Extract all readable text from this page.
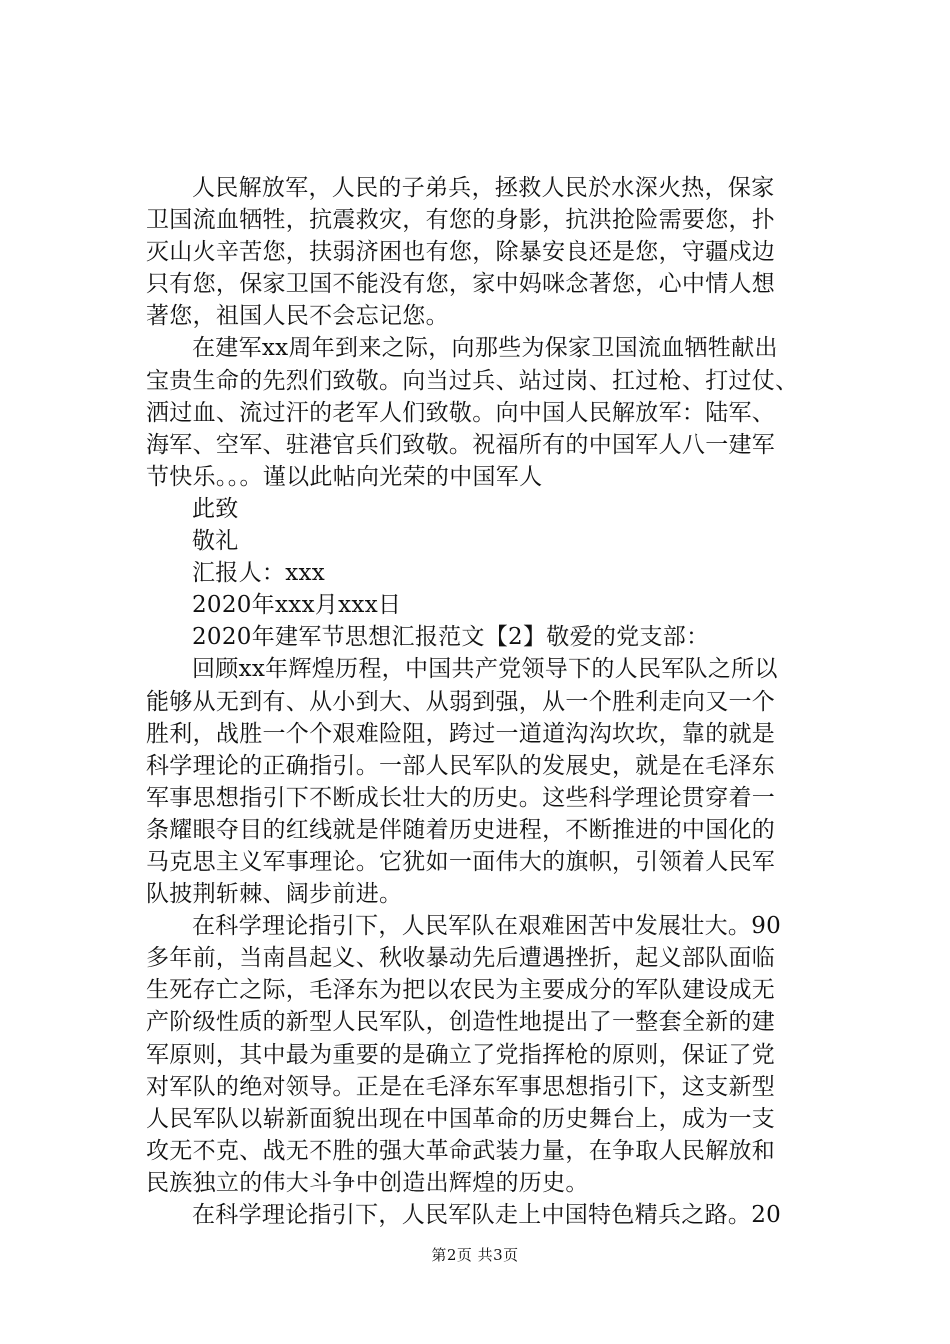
人民解放军，人民的子弟兵，拯救人民於水深火热，保家

卫国流血牺牲，抗震救灾，有您的身影，抗洪抢险需要您，扑

灭山火辛苦您，扶弱济困也有您，除暴安良还是您，守疆戍边

只有您，保家卫国不能没有您，家中妈咪念著您，心中情人想

著您，祖国人民不会忘记您。

在建军xx周年到来之际，向那些为保家卫国流血牺牲献出

宝贵生命的先烈们致敬。向当过兵、站过岗、扛过枪、打过仗、

洒过血、流过汗的老军人们致敬。向中国人民解放军：陆军、

海军、空军、驻港官兵们致敬。祝福所有的中国军人八一建军

节快乐。。。谨以此帖向光荣的中国军人

此致

敬礼

汇报人：xxx

2020年xxx月xxx日

2020年建军节思想汇报范文【2】敬爱的党支部：

回顾xx年辉煌历程，中国共产党领导下的人民军队之所以

能够从无到有、从小到大、从弱到强，从一个胜利走向又一个

胜利，战胜一个个艰难险阻，跨过一道道沟沟坎坎，靠的就是

科学理论的正确指引。一部人民军队的发展史，就是在毛泽东

军事思想指引下不断成长壮大的历史。这些科学理论贯穿着一

条耀眼夺目的红线就是伴随着历史进程，不断推进的中国化的

马克思主义军事理论。它犹如一面伟大的旗帜，引领着人民军

队披荆斩棘、阔步前进。

在科学理论指引下，人民军队在艰难困苦中发展壮大。90

多年前，当南昌起义、秋收暴动先后遭遇挫折，起义部队面临

生死存亡之际，毛泽东为把以农民为主要成分的军队建设成无

产阶级性质的新型人民军队，创造性地提出了一整套全新的建

军原则，其中最为重要的是确立了党指挥枪的原则，保证了党

对军队的绝对领导。正是在毛泽东军事思想指引下，这支新型

人民军队以崭新面貌出现在中国革命的历史舞台上，成为一支

攻无不克、战无不胜的强大革命武装力量，在争取人民解放和

民族独立的伟大斗争中创造出辉煌的历史。

在科学理论指引下，人民军队走上中国特色精兵之路。20

第2页 共3页
